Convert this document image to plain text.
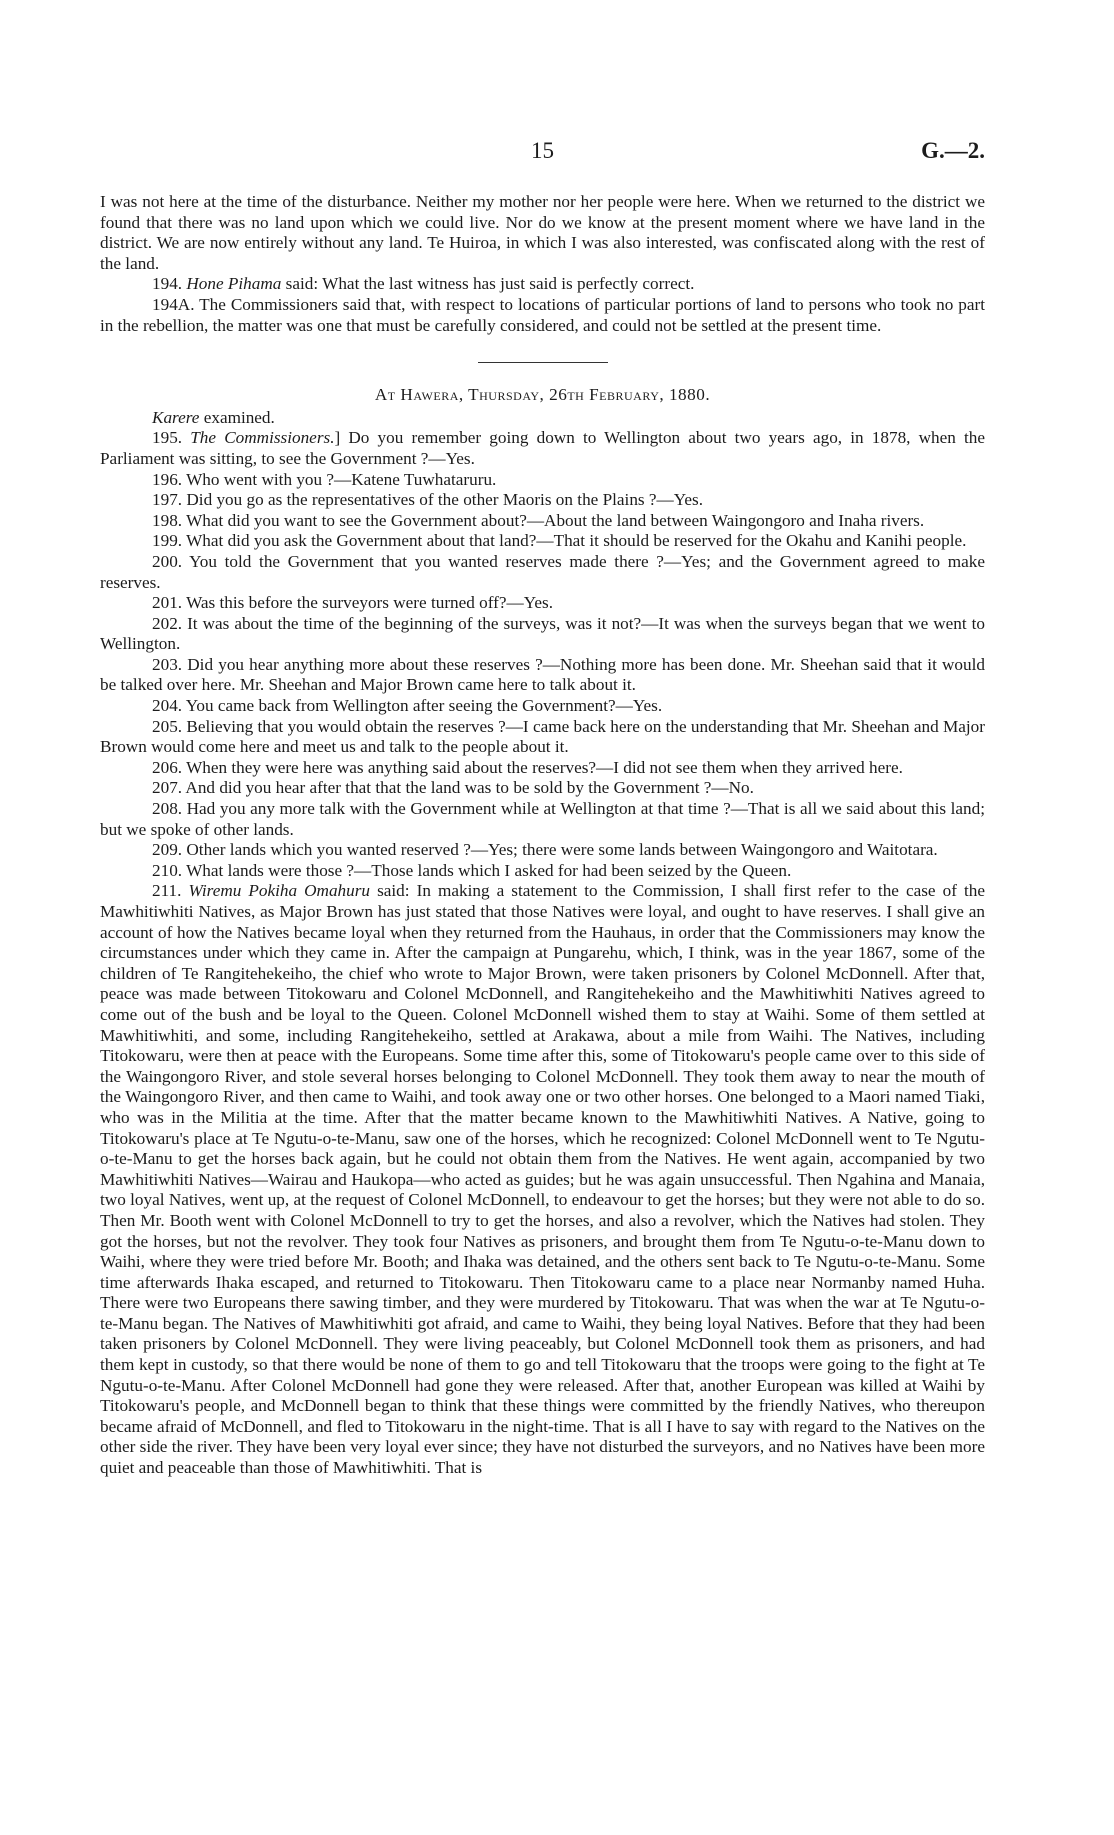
15	G.—2.

I was not here at the time of the disturbance. Neither my mother nor her people were here. When we returned to the district we found that there was no land upon which we could live. Nor do we know at the present moment where we have land in the district. We are now entirely without any land. Te Huiroa, in which I was also interested, was confiscated along with the rest of the land.

194. Hone Pihama said: What the last witness has just said is perfectly correct.

194A. The Commissioners said that, with respect to locations of particular portions of land to persons who took no part in the rebellion, the matter was one that must be carefully considered, and could not be settled at the present time.

At Hawera, Thursday, 26th February, 1880.

Karere examined.

195. The Commissioners.] Do you remember going down to Wellington about two years ago, in 1878, when the Parliament was sitting, to see the Government ?—Yes.

196. Who went with you ?—Katene Tuwhataruru.

197. Did you go as the representatives of the other Maoris on the Plains ?—Yes.

198. What did you want to see the Government about?—About the land between Waingongoro and Inaha rivers.

199. What did you ask the Government about that land?—That it should be reserved for the Okahu and Kanihi people.

200. You told the Government that you wanted reserves made there ?—Yes; and the Government agreed to make reserves.

201. Was this before the surveyors were turned off?—Yes.

202. It was about the time of the beginning of the surveys, was it not?—It was when the surveys began that we went to Wellington.

203. Did you hear anything more about these reserves ?—Nothing more has been done. Mr. Sheehan said that it would be talked over here. Mr. Sheehan and Major Brown came here to talk about it.

204. You came back from Wellington after seeing the Government?—Yes.

205. Believing that you would obtain the reserves ?—I came back here on the understanding that Mr. Sheehan and Major Brown would come here and meet us and talk to the people about it.

206. When they were here was anything said about the reserves?—I did not see them when they arrived here.

207. And did you hear after that that the land was to be sold by the Government ?—No.

208. Had you any more talk with the Government while at Wellington at that time ?—That is all we said about this land; but we spoke of other lands.

209. Other lands which you wanted reserved ?—Yes; there were some lands between Waingongoro and Waitotara.

210. What lands were those ?—Those lands which I asked for had been seized by the Queen.

211. Wiremu Pokiha Omahuru said: In making a statement to the Commission, I shall first refer to the case of the Mawhitiwhiti Natives, as Major Brown has just stated that those Natives were loyal, and ought to have reserves. I shall give an account of how the Natives became loyal when they returned from the Hauhaus, in order that the Commissioners may know the circumstances under which they came in. After the campaign at Pungarehu, which, I think, was in the year 1867, some of the children of Te Rangitehekeiho, the chief who wrote to Major Brown, were taken prisoners by Colonel McDonnell. After that, peace was made between Titokowaru and Colonel McDonnell, and Rangitehekeiho and the Mawhitiwhiti Natives agreed to come out of the bush and be loyal to the Queen. Colonel McDonnell wished them to stay at Waihi. Some of them settled at Mawhitiwhiti, and some, including Rangitehekeiho, settled at Arakawa, about a mile from Waihi. The Natives, including Titokowaru, were then at peace with the Europeans. Some time after this, some of Titokowaru's people came over to this side of the Waingongoro River, and stole several horses belonging to Colonel McDonnell. They took them away to near the mouth of the Waingongoro River, and then came to Waihi, and took away one or two other horses. One belonged to a Maori named Tiaki, who was in the Militia at the time. After that the matter became known to the Mawhitiwhiti Natives. A Native, going to Titokowaru's place at Te Ngutu-o-te-Manu, saw one of the horses, which he recognized: Colonel McDonnell went to Te Ngutu-o-te-Manu to get the horses back again, but he could not obtain them from the Natives. He went again, accompanied by two Mawhitiwhiti Natives—Wairau and Haukopa—who acted as guides; but he was again unsuccessful. Then Ngahina and Manaia, two loyal Natives, went up, at the request of Colonel McDonnell, to endeavour to get the horses; but they were not able to do so. Then Mr. Booth went with Colonel McDonnell to try to get the horses, and also a revolver, which the Natives had stolen. They got the horses, but not the revolver. They took four Natives as prisoners, and brought them from Te Ngutu-o-te-Manu down to Waihi, where they were tried before Mr. Booth; and Ihaka was detained, and the others sent back to Te Ngutu-o-te-Manu. Some time afterwards Ihaka escaped, and returned to Titokowaru. Then Titokowaru came to a place near Normanby named Huha. There were two Europeans there sawing timber, and they were murdered by Titokowaru. That was when the war at Te Ngutu-o-te-Manu began. The Natives of Mawhitiwhiti got afraid, and came to Waihi, they being loyal Natives. Before that they had been taken prisoners by Colonel McDonnell. They were living peaceably, but Colonel McDonnell took them as prisoners, and had them kept in custody, so that there would be none of them to go and tell Titokowaru that the troops were going to the fight at Te Ngutu-o-te-Manu. After Colonel McDonnell had gone they were released. After that, another European was killed at Waihi by Titokowaru's people, and McDonnell began to think that these things were committed by the friendly Natives, who thereupon became afraid of McDonnell, and fled to Titokowaru in the night-time. That is all I have to say with regard to the Natives on the other side the river. They have been very loyal ever since; they have not disturbed the surveyors, and no Natives have been more quiet and peaceable than those of Mawhitiwhiti. That is
